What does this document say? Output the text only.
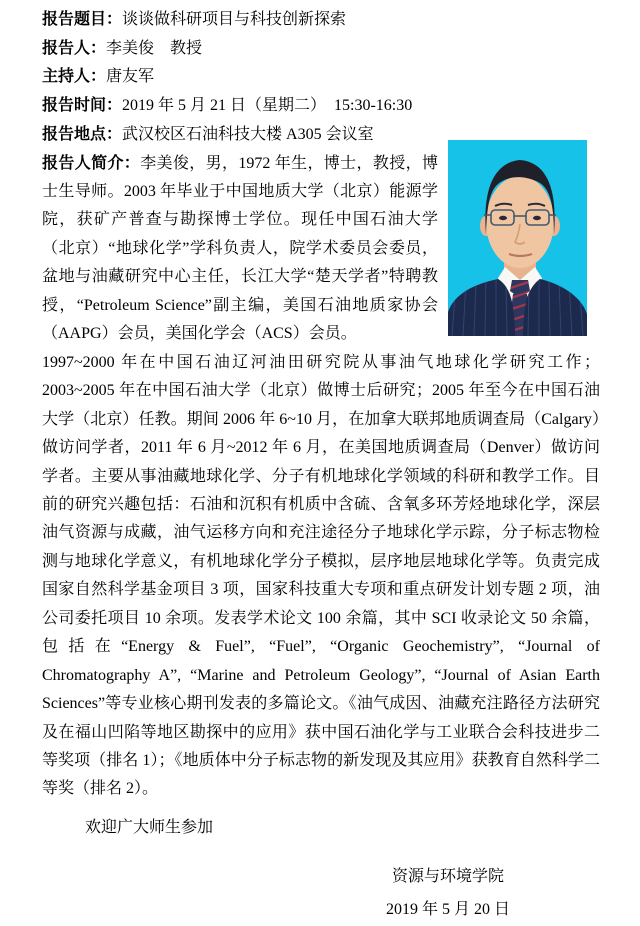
报告题目：谈谈做科研项目与科技创新探索

报告人：李美俊　教授

主持人：唐友军

报告时间：2019 年 5 月 21 日（星期二）　15:30-16:30

报告地点：武汉校区石油科技大楼 A305 会议室

报告人简介：李美俊，男，1972 年生，博士，教授，博士生导师。2003 年毕业于中国地质大学（北京）能源学院，获矿产普查与勘探博士学位。现任中国石油大学（北京）“地球化学”学科负责人，院学术委员会委员，盆地与油藏研究中心主任，长江大学“楚天学者”特聘教授，“Petroleum Science”副主编，美国石油地质家协会（AAPG）会员，美国化学会（ACS）会员。

1997~2000 年在中国石油辽河油田研究院从事油气地球化学研究工作；2003~2005 年在中国石油大学（北京）做博士后研究；2005 年至今在中国石油大学（北京）任教。期间 2006 年 6~10 月，在加拿大联邦地质调查局（Calgary）做访问学者，2011 年 6 月~2012 年 6 月，在美国地质调查局（Denver）做访问学者。主要从事油藏地球化学、分子有机地球化学领域的科研和教学工作。目前的研究兴趣包括：石油和沉积有机质中含硫、含氧多环芳烃地球化学，深层油气资源与成藏，油气运移方向和充注途径分子地球化学示踪，分子标志物检测与地球化学意义，有机地球化学分子模拟，层序地层地球化学等。负责完成国家自然科学基金项目 3 项，国家科技重大专项和重点研发计划专题 2 项，油公司委托项目 10 余项。发表学术论文 100 余篇，其中 SCI 收录论文 50 余篇，包括在“Energy & Fuel”, “Fuel”, “Organic Geochemistry”, “Journal of Chromatography A”, “Marine and Petroleum Geology”, “Journal of Asian Earth Sciences”等专业核心期刊发表的多篇论文。《油气成因、油藏充注路径方法研究及在福山凹陷等地区勘探中的应用》获中国石油化学与工业联合会科技进步二等奖项（排名 1）；《地质体中分子标志物的新发现及其应用》获教育自然科学二等奖（排名 2）。

欢迎广大师生参加

资源与环境学院

2019 年 5 月 20 日
